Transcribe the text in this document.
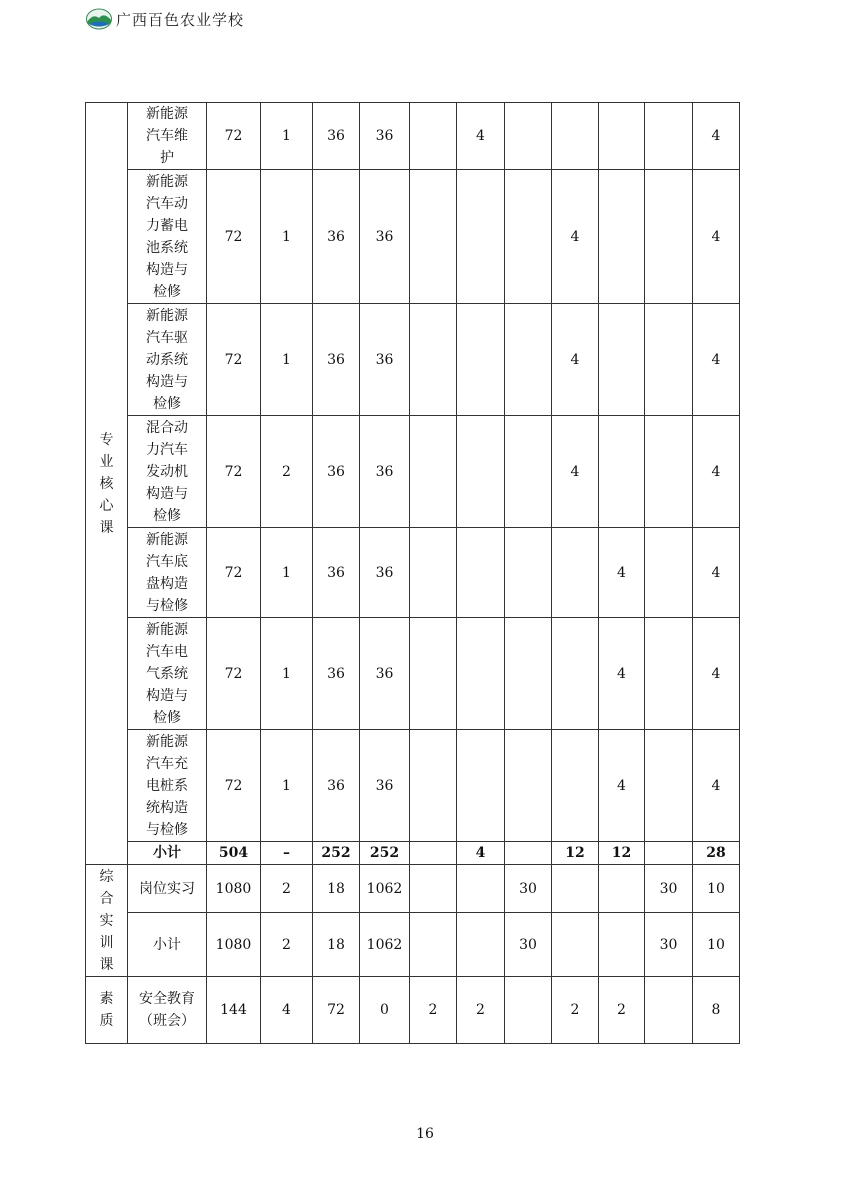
广西百色农业学校
专业核心课	新能源汽车维护	72	1	36	36		4					4
	新能源汽车动力蓄电池系统构造与检修	72	1	36	36				4			4
	新能源汽车驱动系统构造与检修	72	1	36	36				4			4
	混合动力汽车发动机构造与检修	72	2	36	36				4			4
	新能源汽车底盘构造与检修	72	1	36	36					4		4
	新能源汽车电气系统构造与检修	72	1	36	36					4		4
	新能源汽车充电桩系统构造与检修	72	1	36	36					4		4
	小计	504	–	252	252		4		12	12		28
综合实训课	岗位实习	1080	2	18	1062			30			30	10
	小计	1080	2	18	1062			30			30	10
素质	安全教育（班会）	144	4	72	0	2	2		2	2		8
16
